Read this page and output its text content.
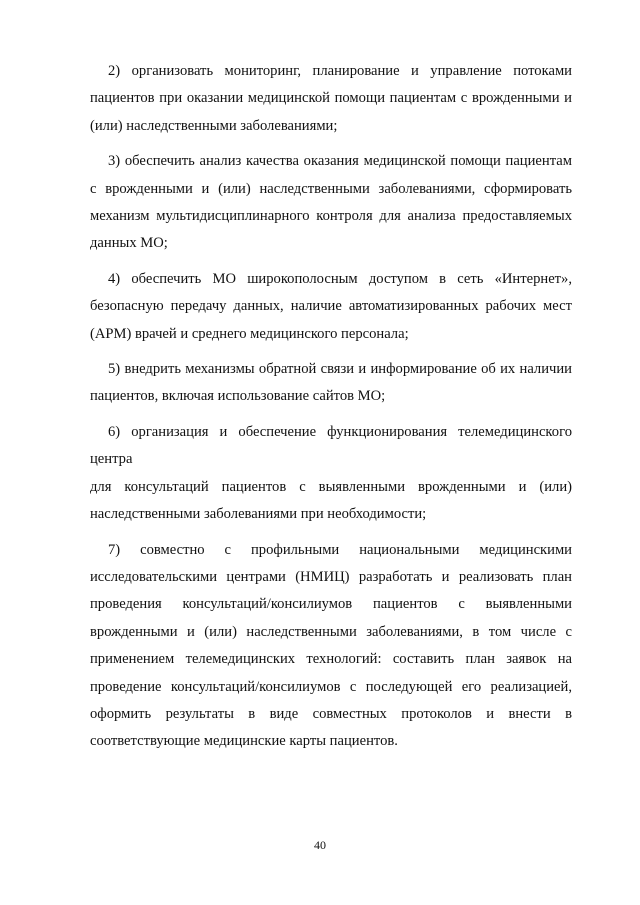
2) организовать мониторинг, планирование и управление потоками пациентов при оказании медицинской помощи пациентам с врожденными и (или) наследственными заболеваниями;

3) обеспечить анализ качества оказания медицинской помощи пациентам с врожденными и (или) наследственными заболеваниями, сформировать механизм мультидисциплинарного контроля для анализа предоставляемых данных МО;

4) обеспечить МО широкополосным доступом в сеть «Интернет», безопасную передачу данных, наличие автоматизированных рабочих мест (АРМ) врачей и среднего медицинского персонала;

5) внедрить механизмы обратной связи и информирование об их наличии пациентов, включая использование сайтов МО;

6) организация и обеспечение функционирования телемедицинского центра

для консультаций пациентов с выявленными врожденными и (или) наследственными заболеваниями при необходимости;

7) совместно с профильными национальными медицинскими исследовательскими центрами (НМИЦ) разработать и реализовать план проведения консультаций/консилиумов пациентов с выявленными врожденными и (или) наследственными заболеваниями, в том числе с применением телемедицинских технологий: составить план заявок на проведение консультаций/консилиумов с последующей его реализацией, оформить результаты в виде совместных протоколов и внести в соответствующие медицинские карты пациентов.

40
